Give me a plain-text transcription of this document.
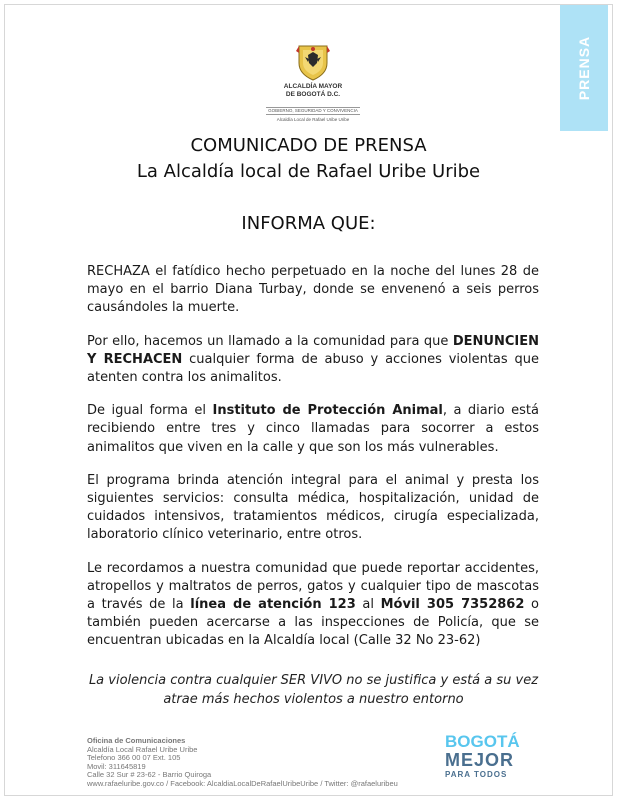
PRENSA
ALCALDÍA MAYOR
DE BOGOTÁ D.C.
GOBIERNO, SEGURIDAD Y CONVIVENCIA
Alcaldía Local de Rafael Uribe Uribe
COMUNICADO DE PRENSA
La Alcaldía local de Rafael Uribe Uribe
INFORMA QUE:

RECHAZA el fatídico hecho perpetuado en la noche del lunes 28 de mayo en el barrio Diana Turbay, donde se envenenó a seis perros causándoles la muerte.

Por ello, hacemos un llamado a la comunidad para que DENUNCIEN Y RECHACEN cualquier forma de abuso y acciones violentas que atenten contra los animalitos.

De igual forma el Instituto de Protección Animal, a diario está recibiendo entre tres y cinco llamadas para socorrer a estos animalitos que viven en la calle y que son los más vulnerables.

El programa brinda atención integral para el animal y presta los siguientes servicios: consulta médica, hospitalización, unidad de cuidados intensivos, tratamientos médicos, cirugía especializada, laboratorio clínico veterinario, entre otros.

Le recordamos a nuestra comunidad que puede reportar accidentes, atropellos y maltratos de perros, gatos y cualquier tipo de mascotas a través de la línea de atención 123 al Móvil 305 7352862 o también pueden acercarse a las inspecciones de Policía, que se encuentran ubicadas en la Alcaldía local (Calle 32 No 23-62)

La violencia contra cualquier SER VIVO no se justifica y está a su vez
atrae más hechos violentos a nuestro entorno
Oficina de Comunicaciones
Alcaldía Local Rafael Uribe Uribe
Telefono 366 00 07 Ext. 105
Movil: 311645819
Calle 32 Sur # 23-62 - Barrio Quiroga
www.rafaeluribe.gov.co / Facebook: AlcaldiaLocalDeRafaelUribeUribe / Twitter: @rafaeluribeu
BOGOTÁ
MEJOR
PARA TODOS
